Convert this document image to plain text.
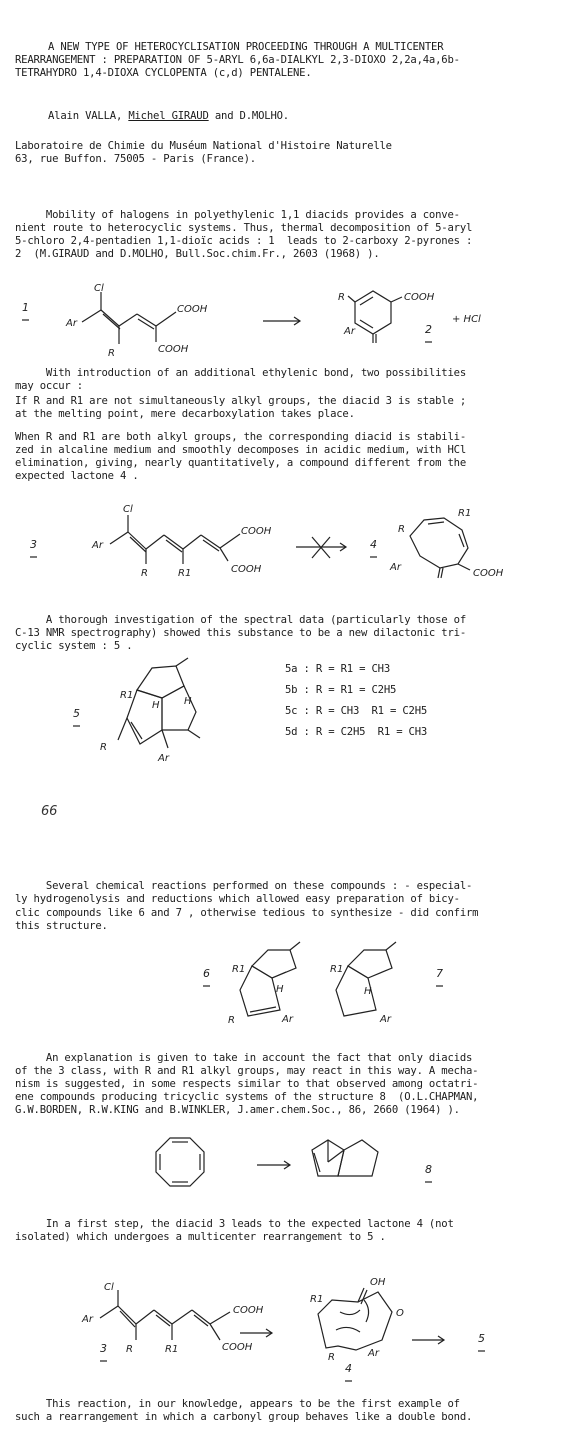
A NEW TYPE OF HETEROCYCLISATION PROCEEDING THROUGH A MULTICENTER
REARRANGEMENT : PREPARATION OF 5-ARYL 6,6a-DIALKYL 2,3-DIOXO 2,2a,4a,6b-
TETRAHYDRO 1,4-DIOXA CYCLOPENTA (c,d) PENTALENE.
Alain VALLA, Michel GIRAUD and D.MOLHO.
Laboratoire de Chimie du Muséum National d'Histoire Naturelle
63, rue Buffon. 75005 - Paris (France).
Mobility of halogens in polyethylenic 1,1 diacids provides a conve-
nient route to heterocyclic systems. Thus, thermal decomposition of 5-aryl
5-chloro 2,4-pentadien 1,1-dioïc acids : 1  leads to 2-carboxy 2-pyrones :
2  (M.GIRAUD and D.MOLHO, Bull.Soc.chim.Fr., 2603 (1968) ).
1
Cl
Ar
R
COOH
COOH
R	COOH
Ar	2
+ HCl
With introduction of an additional ethylenic bond, two possibilities
may occur :
If R and R1 are not simultaneously alkyl groups, the diacid 3 is stable ;
at the melting point, mere decarboxylation takes place.
When R and R1 are both alkyl groups, the corresponding diacid is stabili-
zed in alcaline medium and smoothly decomposes in acidic medium, with HCl
elimination, giving, nearly quantitatively, a compound different from the
expected lactone 4 .
3
Cl
Ar
R	R1
COOH
COOH
4
R
R1
Ar
COOH
A thorough investigation of the spectral data (particularly those of
C-13 NMR spectrography) showed this substance to be a new dilactonic tri-
cyclic system : 5 .
5
R1
H H
R
Ar
5a : R = R1 = CH3
5b : R = R1 = C2H5
5c : R = CH3  R1 = C2H5
5d : R = C2H5  R1 = CH3
66
Several chemical reactions performed on these compounds : - especial-
ly hydrogenolysis and reductions which allowed easy preparation of bicy-
clic compounds like 6 and 7 , otherwise tedious to synthesize - did confirm
this structure.
6 R1
H
R	Ar
R1
H
Ar
7
An explanation is given to take in account the fact that only diacids
of the 3 class, with R and R1 alkyl groups, may react in this way. A mecha-
nism is suggested, in some respects similar to that observed among octatri-
ene compounds producing tricyclic systems of the structure 8  (O.L.CHAPMAN,
G.W.BORDEN, R.W.KING and B.WINKLER, J.amer.chem.Soc., 86, 2660 (1964) ).
8
In a first step, the diacid 3 leads to the expected lactone 4 (not
isolated) which undergoes a multicenter rearrangement to 5 .
Cl
Ar
3 R	R1
COOH
COOH
R1
OH
O
R	Ar
4
5
This reaction, in our knowledge, appears to be the first example of
such a rearrangement in which a carbonyl group behaves like a double bond.
